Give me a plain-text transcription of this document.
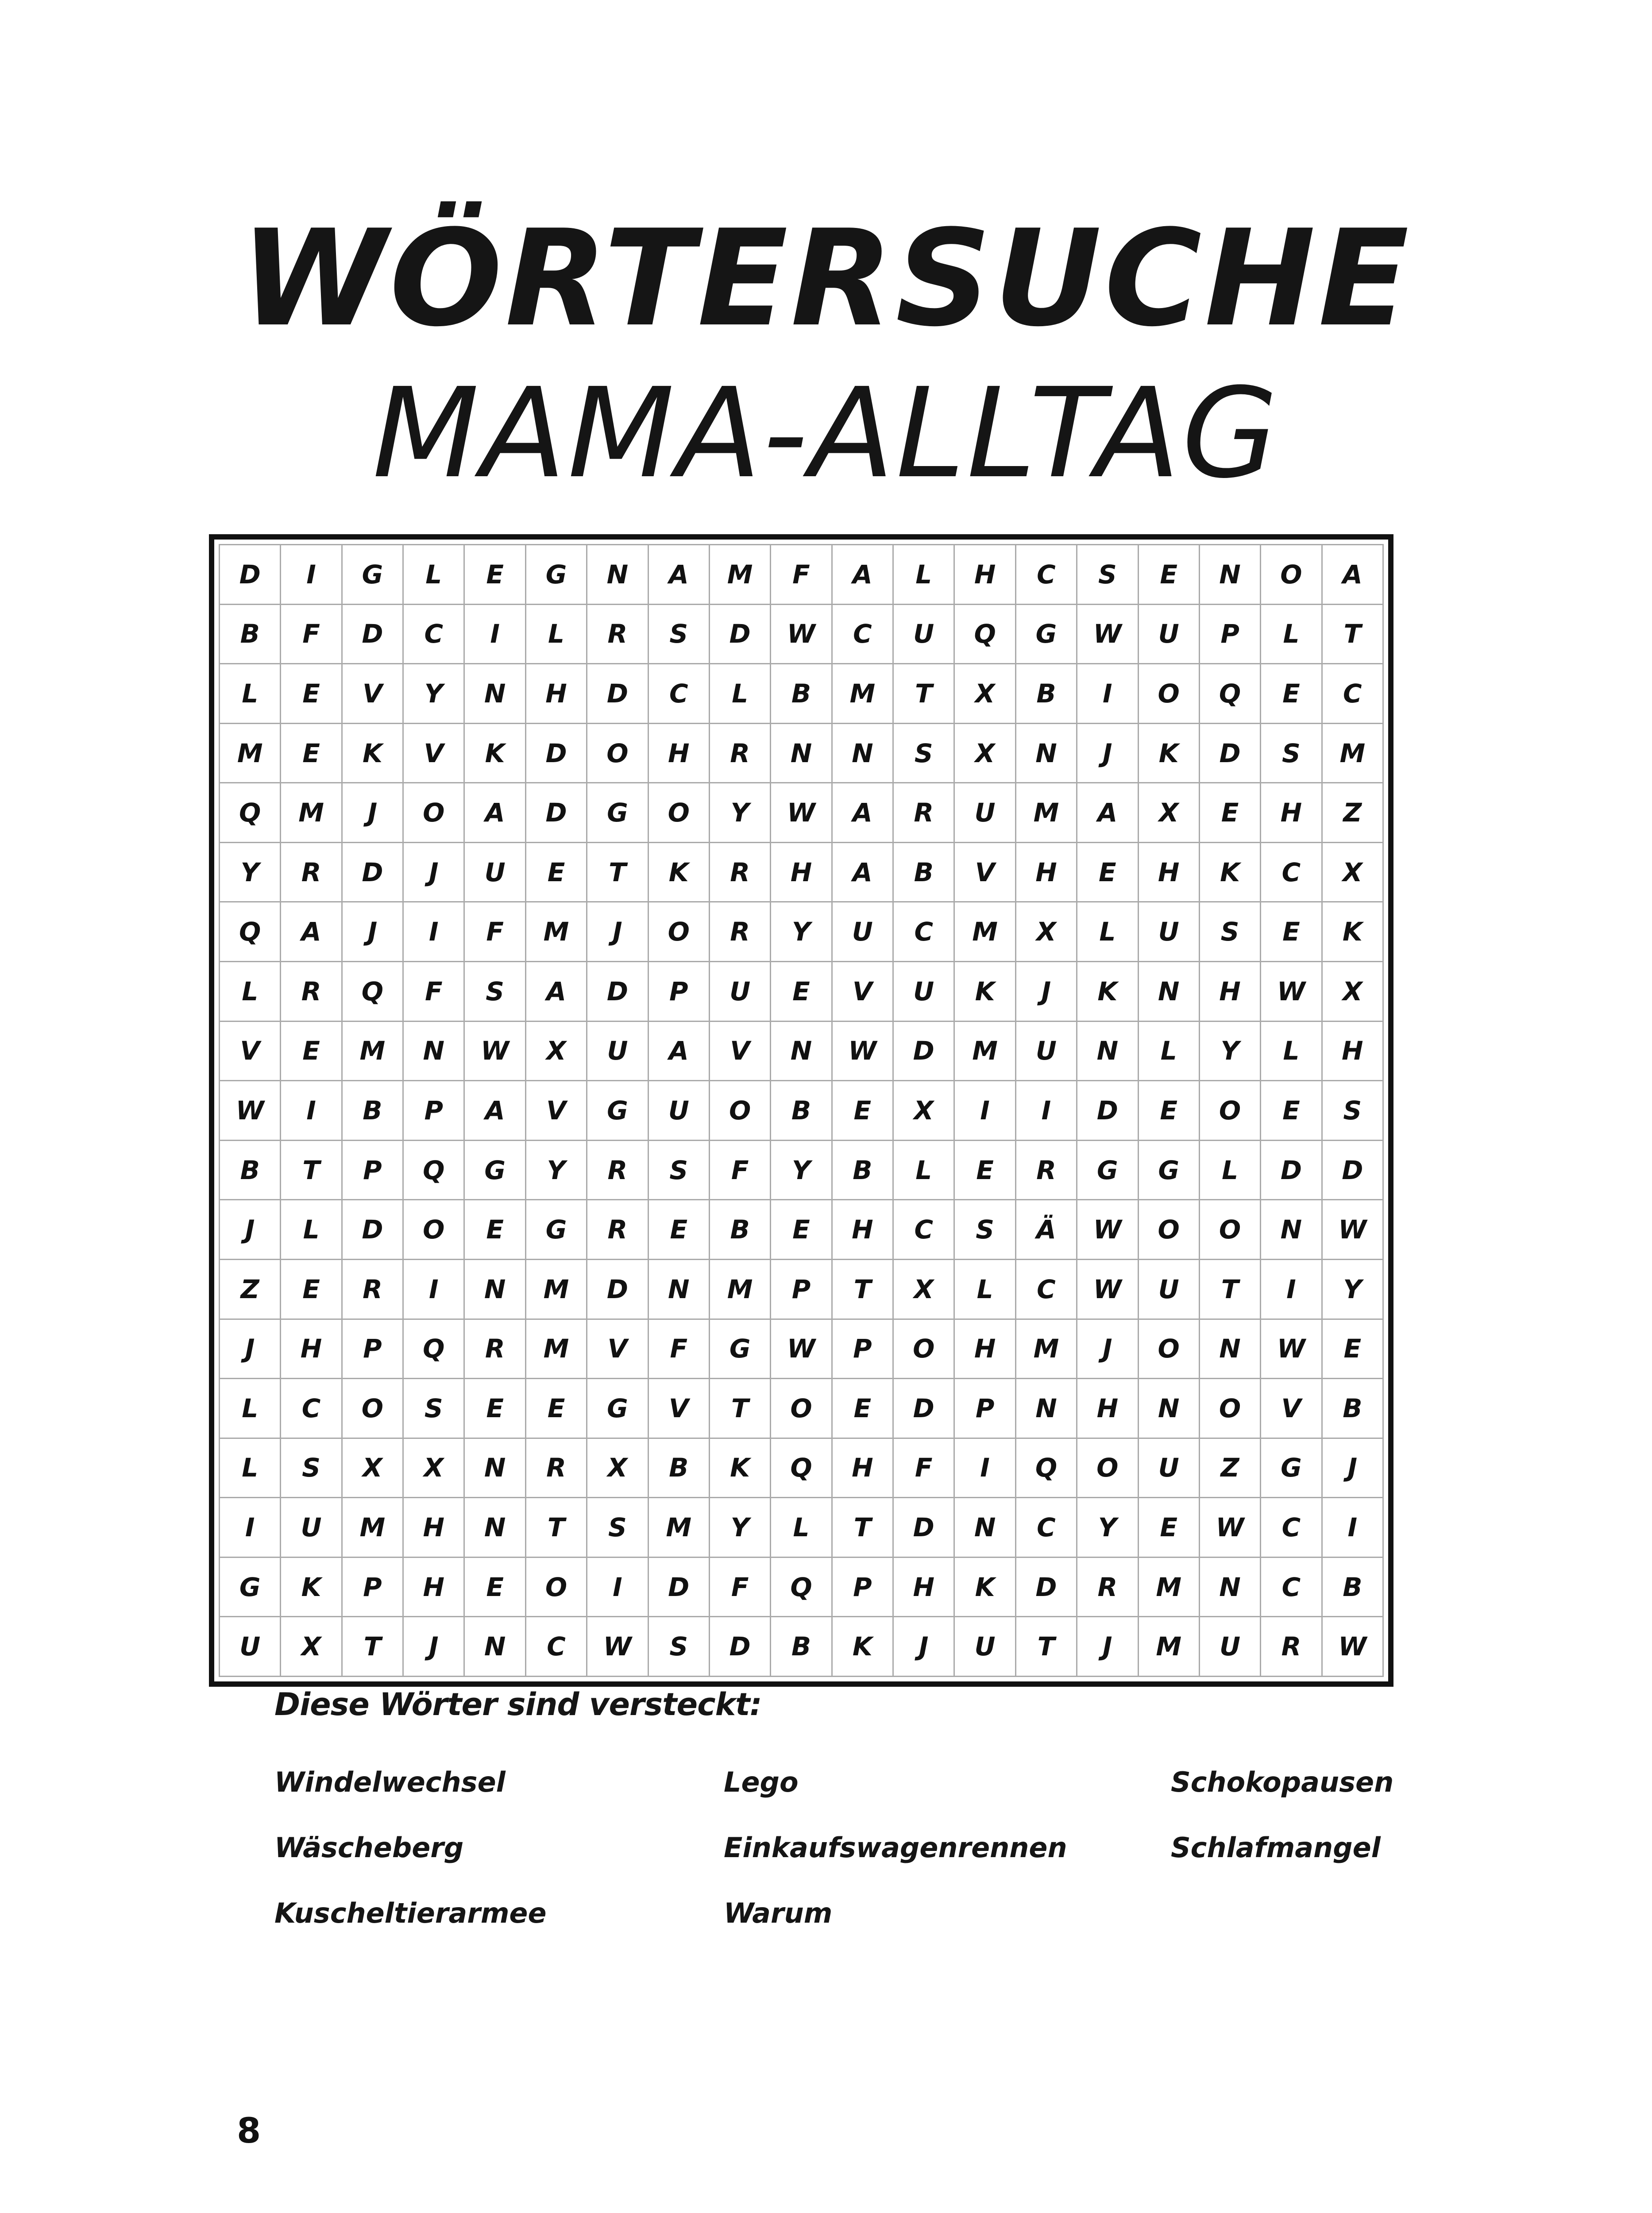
WÖRTERSUCHE
MAMA-ALLTAG
D	I	G	L	E	G	N	A	M	F	A	L	H	C	S	E	N	O	A
B	F	D	C	I	L	R	S	D	W	C	U	Q	G	W	U	P	L	T
L	E	V	Y	N	H	D	C	L	B	M	T	X	B	I	O	Q	E	C
M	E	K	V	K	D	O	H	R	N	N	S	X	N	J	K	D	S	M
Q	M	J	O	A	D	G	O	Y	W	A	R	U	M	A	X	E	H	Z
Y	R	D	J	U	E	T	K	R	H	A	B	V	H	E	H	K	C	X
Q	A	J	I	F	M	J	O	R	Y	U	C	M	X	L	U	S	E	K
L	R	Q	F	S	A	D	P	U	E	V	U	K	J	K	N	H	W	X
V	E	M	N	W	X	U	A	V	N	W	D	M	U	N	L	Y	L	H
W	I	B	P	A	V	G	U	O	B	E	X	I	I	D	E	O	E	S
B	T	P	Q	G	Y	R	S	F	Y	B	L	E	R	G	G	L	D	D
J	L	D	O	E	G	R	E	B	E	H	C	S	Ä	W	O	O	N	W
Z	E	R	I	N	M	D	N	M	P	T	X	L	C	W	U	T	I	Y
J	H	P	Q	R	M	V	F	G	W	P	O	H	M	J	O	N	W	E
L	C	O	S	E	E	G	V	T	O	E	D	P	N	H	N	O	V	B
L	S	X	X	N	R	X	B	K	Q	H	F	I	Q	O	U	Z	G	J
I	U	M	H	N	T	S	M	Y	L	T	D	N	C	Y	E	W	C	I
G	K	P	H	E	O	I	D	F	Q	P	H	K	D	R	M	N	C	B
U	X	T	J	N	C	W	S	D	B	K	J	U	T	J	M	U	R	W
Diese Wörter sind versteckt:
Windelwechsel
Wäscheberg
Kuscheltierarmee
Lego
Einkaufswagenrennen
Warum
Schokopausen
Schlafmangel
8
